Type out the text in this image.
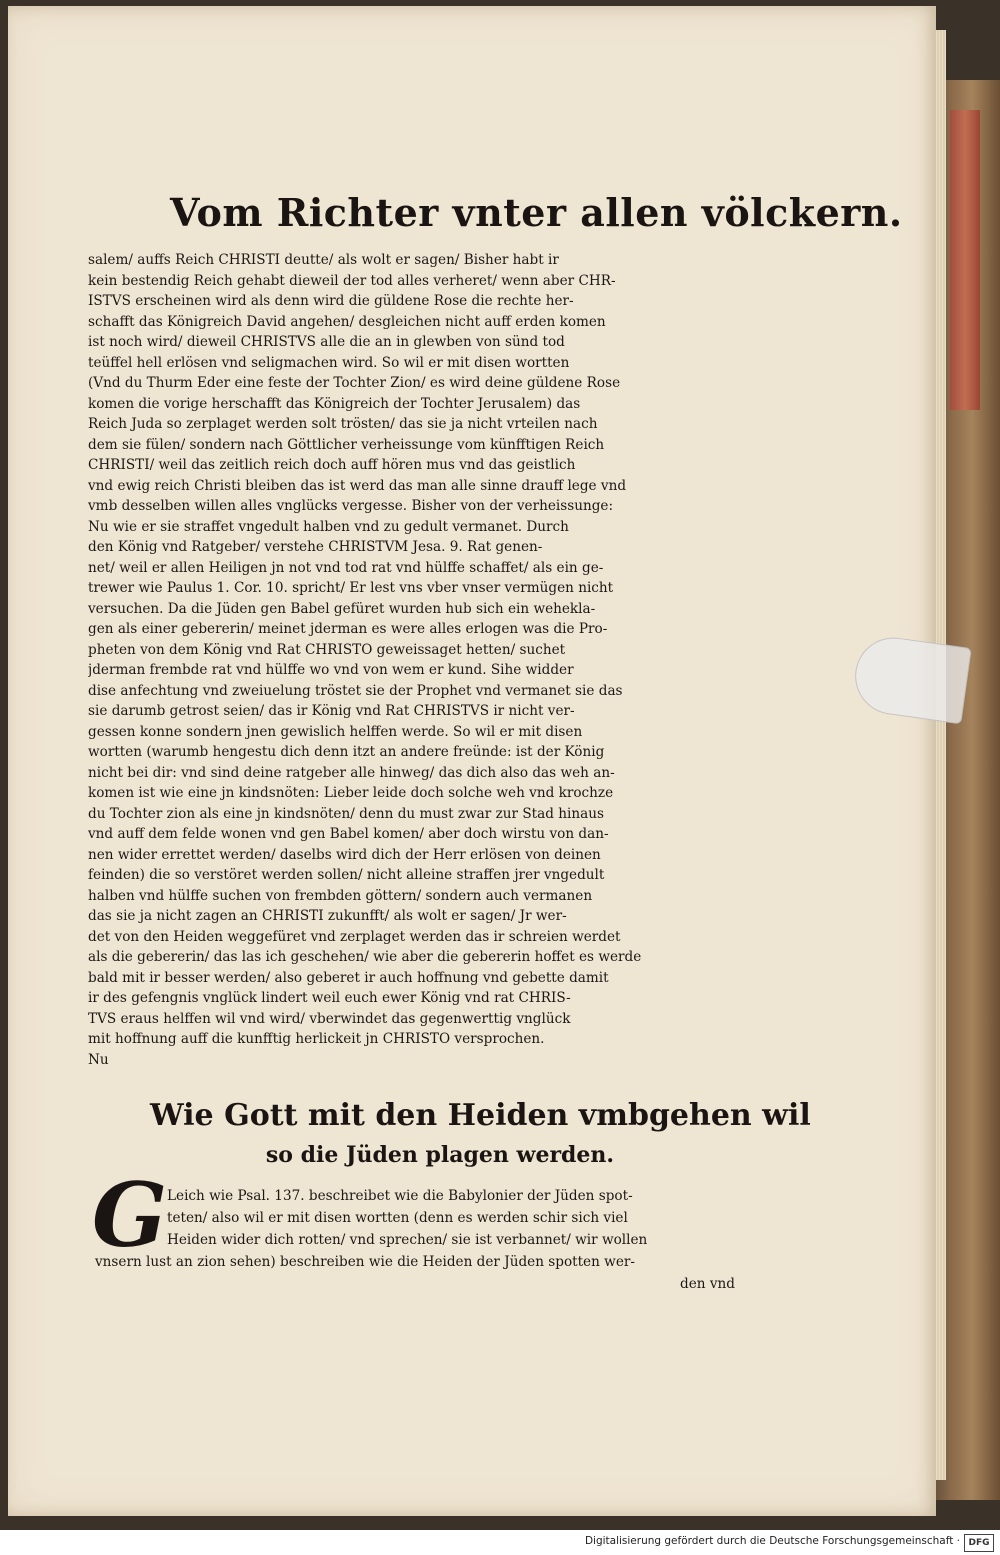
Vom Richter vnter allen völckern.
salem/ auffs Reich CHRISTI deutte/ als wolt er sagen/ Bisher habt ir
kein bestendig Reich gehabt dieweil der tod alles verheret/ wenn aber CHR-
ISTVS erscheinen wird als denn wird die güldene Rose die rechte her-
schafft das Königreich David angehen/ desgleichen nicht auff erden komen
ist noch wird/ dieweil CHRISTVS alle die an in glewben von sünd tod
teüffel hell erlösen vnd seligmachen wird. So wil er mit disen wortten
(Vnd du Thurm Eder eine feste der Tochter Zion/ es wird deine güldene Rose
komen die vorige herschafft das Königreich der Tochter Jerusalem) das
Reich Juda so zerplaget werden solt trösten/ das sie ja nicht vrteilen nach
dem sie fülen/ sondern nach Göttlicher verheissunge vom künfftigen Reich
CHRISTI/ weil das zeitlich reich doch auff hören mus vnd das geistlich
vnd ewig reich Christi bleiben das ist werd das man alle sinne drauff lege vnd
vmb desselben willen alles vnglücks vergesse. Bisher von der verheissunge:
Nu wie er sie straffet vngedult halben vnd zu gedult vermanet. Durch
den König vnd Ratgeber/ verstehe CHRISTVM Jesa. 9. Rat genen-
net/ weil er allen Heiligen jn not vnd tod rat vnd hülffe schaffet/ als ein ge-
trewer wie Paulus 1. Cor. 10. spricht/ Er lest vns vber vnser vermügen nicht
versuchen. Da die Jüden gen Babel gefüret wurden hub sich ein weheklа-
gen als einer gebererin/ meinet jderman es were alles erlogen was die Pro-
pheten von dem König vnd Rat CHRISTO geweissaget hetten/ suchet
jderman frembde rat vnd hülffe wo vnd von wem er kund. Sihe widder
dise anfechtung vnd zweiuelung tröstet sie der Prophet vnd vermanet sie das
sie darumb getrost seien/ das ir König vnd Rat CHRISTVS ir nicht ver-
gessen konne sondern jnen gewislich helffen werde. So wil er mit disen
wortten (warumb hengestu dich denn itzt an andere freünde: ist der König
nicht bei dir: vnd sind deine ratgeber alle hinweg/ das dich also das weh an-
komen ist wie eine jn kindsnöten: Lieber leide doch solche weh vnd krochze
du Tochter zion als eine jn kindsnöten/ denn du must zwar zur Stad hinaus
vnd auff dem felde wonen vnd gen Babel komen/ aber doch wirstu von dan-
nen wider errettet werden/ daselbs wird dich der Herr erlösen von deinen
feinden) die so verstöret werden sollen/ nicht alleine straffen jrer vngedult
halben vnd hülffe suchen von frembden göttern/ sondern auch vermanen
das sie ja nicht zagen an CHRISTI zukunfft/ als wolt er sagen/ Jr wer-
det von den Heiden weggefüret vnd zerplaget werden das ir schreien werdet
als die gebererin/ das las ich geschehen/ wie aber die gebererin hoffet es werde
bald mit ir besser werden/ also geberet ir auch hoffnung vnd gebette damit
ir des gefengnis vnglück lindert weil euch ewer König vnd rat CHRIS-
TVS eraus helffen wil vnd wird/ vberwindet das gegenwerttig vnglück
mit hoffnung auff die kunfftig herlickeit jn CHRISTO versprochen.
Nu
Wie Gott mit den Heiden vmbgehen wil
so die Jüden plagen werden.
G Leich wie Psal. 137. beschreibet wie die Babylonier der Jüden spot-
teten/ also wil er mit disen wortten (denn es werden schir sich viel
Heiden wider dich rotten/ vnd sprechen/ sie ist verbannet/ wir wollen
vnsern lust an zion sehen) beschreiben wie die Heiden der Jüden spotten wer-
den vnd
Digitalisierung gefördert durch die Deutsche Forschungsgemeinschaft · DFG
